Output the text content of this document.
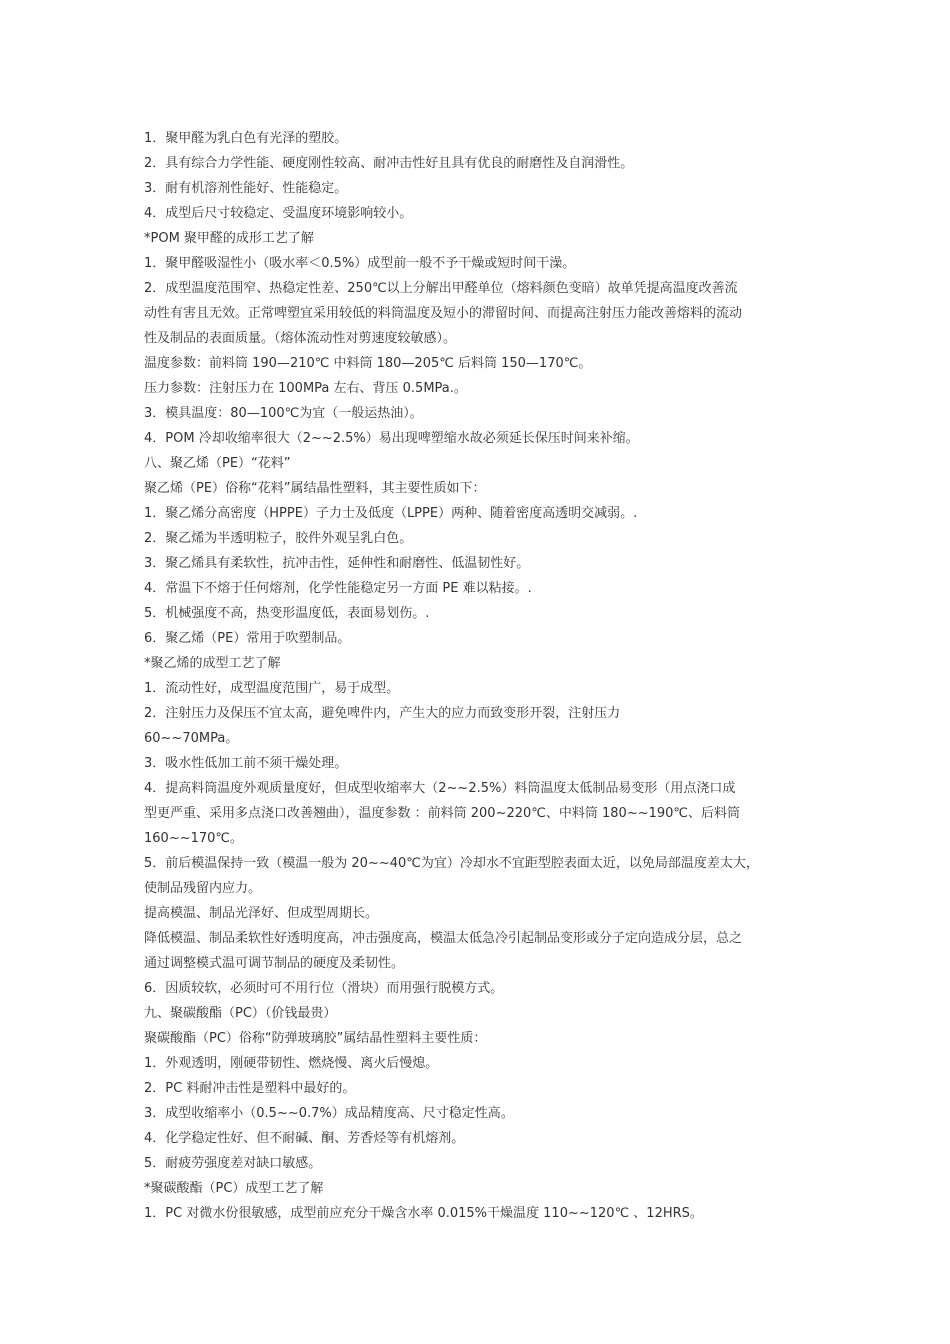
1．聚甲醛为乳白色有光泽的塑胶。

2．具有综合力学性能、硬度刚性较高、耐冲击性好且具有优良的耐磨性及自润滑性。

3．耐有机溶剂性能好、性能稳定。

4．成型后尺寸较稳定、受温度环境影响较小。

*POM 聚甲醛的成形工艺了解

1．聚甲醛吸湿性小（吸水率＜0.5%）成型前一般不予干燥或短时间干澡。

2．成型温度范围窄、热稳定性差、250℃以上分解出甲醛单位（熔料颜色变暗）故单凭提高温度改善流

动性有害且无效。正常啤塑宜采用较低的料筒温度及短小的滞留时间、而提高注射压力能改善熔料的流动

性及制品的表面质量。（熔体流动性对剪速度较敏感）。

温度参数：前料筒 190—210℃ 中料筒 180—205℃ 后料筒 150—170℃。

压力参数：注射压力在 100MPa 左右、背压 0.5MPa.。

3．模具温度：80—100℃为宜（一般运热油）。

4．POM 冷却收缩率很大（2~~2.5%）易出现啤塑缩水故必须延长保压时间来补缩。

八、聚乙烯（PE）“花料”

聚乙烯（PE）俗称“花料”属结晶性塑料，其主要性质如下：

1．聚乙烯分高密度（HPPE）子力士及低度（LPPE）两种、随着密度高透明交减弱。.

2．聚乙烯为半透明粒子，胶件外观呈乳白色。

3．聚乙烯具有柔软性，抗冲击性，延伸性和耐磨性、低温韧性好。

4．常温下不熔于任何熔剂，化学性能稳定另一方面 PE 难以粘接。.

5．机械强度不高，热变形温度低，表面易划伤。.

6．聚乙烯（PE）常用于吹塑制品。

*聚乙烯的成型工艺了解

1．流动性好，成型温度范围广，易于成型。

2．注射压力及保压不宜太高，避免啤件内，产生大的应力而致变形开裂，注射压力

60~~70MPa。

3．吸水性低加工前不须干燥处理。

4．提高料筒温度外观质量度好，但成型收缩率大（2~~2.5%）料筒温度太低制品易变形（用点浇口成

型更严重、采用多点浇口改善翘曲），温度参数 ：前料筒 200~220℃、中料筒 180~~190℃、后料筒

160~~170℃。

5．前后模温保持一致（模温一般为 20~~40℃为宜）冷却水不宜距型腔表面太近，以免局部温度差太大，

使制品残留内应力。

提高模温、制品光泽好、但成型周期长。

降低模温、制品柔软性好透明度高，冲击强度高，模温太低急冷引起制品变形或分子定向造成分层，总之

通过调整模式温可调节制品的硬度及柔韧性。

6．因质较软，必须时可不用行位（滑块）而用强行脱模方式。

九、聚碳酸酯（PC）（价钱最贵）

聚碳酸酯（PC）俗称“防弹玻璃胶”属结晶性塑料主要性质：

1．外观透明，刚硬带韧性、燃烧慢、离火后慢熄。

2．PC 料耐冲击性是塑料中最好的。

3．成型收缩率小（0.5~~0.7%）成品精度高、尺寸稳定性高。

4．化学稳定性好、但不耐碱、酮、芳香烃等有机熔剂。

5．耐疲劳强度差对缺口敏感。

*聚碳酸酯（PC）成型工艺了解

1．PC 对微水份很敏感，成型前应充分干燥含水率 0.015%干燥温度 110~~120℃ 、12HRS。
